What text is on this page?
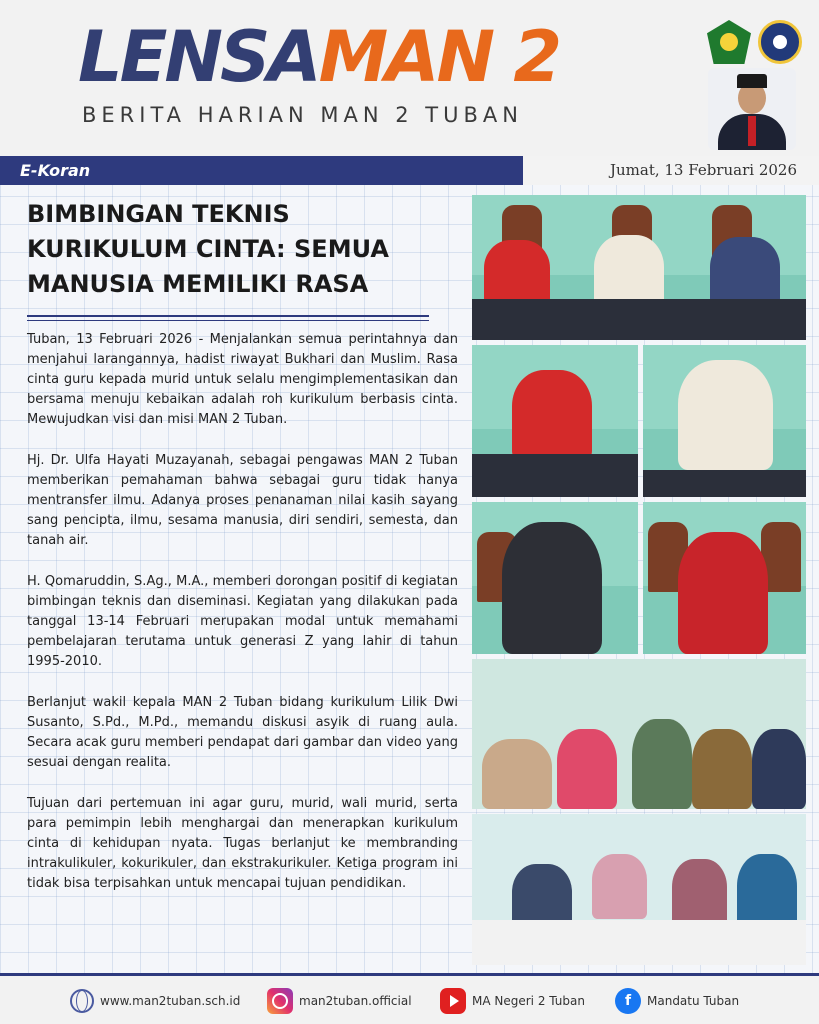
LENSAMAN 2
BERITA HARIAN MAN 2 TUBAN
E-Koran	Jumat, 13 Februari 2026
BIMBINGAN TEKNIS KURIKULUM CINTA: SEMUA MANUSIA MEMILIKI RASA

Tuban, 13 Februari 2026 - Menjalankan semua perintahnya dan menjahui larangannya, hadist riwayat Bukhari dan Muslim. Rasa cinta guru kepada murid untuk selalu mengimplementasikan dan bersama menuju kebaikan adalah roh kurikulum berbasis cinta. Mewujudkan visi dan misi MAN 2 Tuban.

Hj. Dr. Ulfa Hayati Muzayanah, sebagai pengawas MAN 2 Tuban memberikan pemahaman bahwa sebagai guru tidak hanya mentransfer ilmu. Adanya proses penanaman nilai kasih sayang sang pencipta, ilmu, sesama manusia, diri sendiri, semesta, dan tanah air.

H. Qomaruddin, S.Ag., M.A., memberi dorongan positif di kegiatan bimbingan teknis dan diseminasi. Kegiatan yang dilakukan pada tanggal 13-14 Februari merupakan modal untuk memahami pembelajaran terutama untuk generasi Z yang lahir di tahun 1995-2010.

Berlanjut wakil kepala MAN 2 Tuban bidang kurikulum Lilik Dwi Susanto, S.Pd., M.Pd., memandu diskusi asyik di ruang aula. Secara acak guru memberi pendapat dari gambar dan video yang sesuai dengan realita.

Tujuan dari pertemuan ini agar guru, murid, wali murid, serta para pemimpin lebih menghargai dan menerapkan kurikulum cinta di kehidupan nyata. Tugas berlanjut ke membranding intrakulikuler, kokurikuler, dan ekstrakurikuler. Ketiga program ini tidak bisa terpisahkan untuk mencapai tujuan pendidikan.

www.man2tuban.sch.id	man2tuban.official	MA Negeri 2 Tuban	f	Mandatu Tuban
